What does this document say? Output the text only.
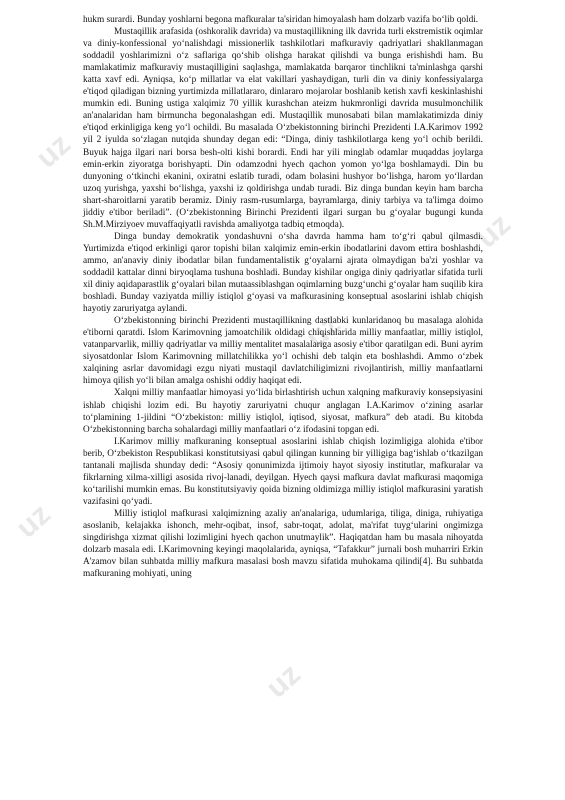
uz
uz
uz
uz
uz

hukm surardi. Bunday yoshlarni begona mafkuralar ta'siridan himoyalash ham dolzarb vazifa bo‘lib qoldi.

Mustaqillik arafasida (oshkoralik davrida) va mustaqillikning ilk davrida turli ekstremistik oqimlar va diniy-konfessional yo‘nalishdagi missionerlik tashkilotlari mafkuraviy qadriyatlari shakllanmagan soddadil yoshlarimizni o‘z saflariga qo‘shib olishga harakat qilishdi va bunga erishishdi ham. Bu mamlakatimiz mafkuraviy mustaqilligini saqlashga, mamlakatda barqaror tinchlikni ta'minlashga qarshi katta xavf edi. Ayniqsa, ko‘p millatlar va elat vakillari yashaydigan, turli din va diniy konfessiyalarga e'tiqod qiladigan bizning yurtimizda millatlararo, dinlararo mojarolar boshlanib ketish xavfi keskinlashishi mumkin edi. Buning ustiga xalqimiz 70 yillik kurashchan ateizm hukmronligi davrida musulmonchilik an'analaridan ham birmuncha begonalashgan edi. Mustaqillik munosabati bilan mamlakatimizda diniy e'tiqod erkinligiga keng yo‘l ochildi. Bu masalada O‘zbekistonning birinchi Prezidenti I.A.Karimov 1992 yil 2 iyulda so‘zlagan nutqida shunday degan edi: “Dinga, diniy tashkilotlarga keng yo‘l ochib berildi. Buyuk hajga ilgari nari borsa besh-olti kishi borardi. Endi har yili minglab odamlar muqaddas joylarga emin-erkin ziyoratga borishyapti. Din odamzodni hyech qachon yomon yo‘lga boshlamaydi. Din bu dunyoning o‘tkinchi ekanini, oxiratni eslatib turadi, odam bolasini hushyor bo‘lishga, harom yo‘llardan uzoq yurishga, yaxshi bo‘lishga, yaxshi iz qoldirishga undab turadi. Biz dinga bundan keyin ham barcha shart-sharoitlarni yaratib beramiz. Diniy rasm-rusumlarga, bayramlarga, diniy tarbiya va ta'limga doimo jiddiy e'tibor beriladi”. (O‘zbekistonning Birinchi Prezidenti ilgari surgan bu g‘oyalar bugungi kunda Sh.M.Mirziyoev muvaffaqiyatli ravishda amaliyotga tadbiq etmoqda).

Dinga bunday demokratik yondashuvni o‘sha davrda hamma ham to‘g‘ri qabul qilmasdi. Yurtimizda e'tiqod erkinligi qaror topishi bilan xalqimiz emin-erkin ibodatlarini davom ettira boshlashdi, ammo, an'anaviy diniy ibodatlar bilan fundamentalistik g‘oyalarni ajrata olmaydigan ba'zi yoshlar va soddadil kattalar dinni biryoqlama tushuna boshladi. Bunday kishilar ongiga diniy qadriyatlar sifatida turli xil diniy aqidaparastlik g‘oyalari bilan mutaassiblashgan oqimlarning buzg‘unchi g‘oyalar ham suqilib kira boshladi. Bunday vaziyatda milliy istiqlol g‘oyasi va mafkurasining konseptual asoslarini ishlab chiqish hayotiy zaruriyatga aylandi.

O‘zbekistonning birinchi Prezidenti mustaqillikning dastlabki kunlaridanoq bu masalaga alohida e'tiborni qaratdi. Islom Karimovning jamoatchilik oldidagi chiqishlarida milliy manfaatlar, milliy istiqlol, vatanparvarlik, milliy qadriyatlar va milliy mentalitet masalalariga asosiy e'tibor qaratilgan edi. Buni ayrim siyosatdonlar Islom Karimovning millatchilikka yo‘l ochishi deb talqin eta boshlashdi. Ammo o‘zbek xalqining asrlar davomidagi ezgu niyati mustaqil davlatchiligimizni rivojlantirish, milliy manfaatlarni himoya qilish yo‘li bilan amalga oshishi oddiy haqiqat edi.

Xalqni milliy manfaatlar himoyasi yo‘lida birlashtirish uchun xalqning mafkuraviy konsepsiyasini ishlab chiqishi lozim edi. Bu hayotiy zaruriyatni chuqur anglagan I.A.Karimov o‘zining asarlar to‘plamining 1-jildini “O‘zbekiston: milliy istiqlol, iqtisod, siyosat, mafkura” deb atadi. Bu kitobda O‘zbekistonning barcha sohalardagi milliy manfaatlari o‘z ifodasini topgan edi.

I.Karimov milliy mafkuraning konseptual asoslarini ishlab chiqish lozimligiga alohida e'tibor berib, O‘zbekiston Respublikasi konstitutsiyasi qabul qilingan kunning bir yilligiga bag‘ishlab o‘tkazilgan tantanali majlisda shunday dedi: “Asosiy qonunimizda ijtimoiy hayot siyosiy institutlar, mafkuralar va fikrlarning xilma-xilligi asosida rivoj-lanadi, deyilgan. Hyech qaysi mafkura davlat mafkurasi maqomiga ko‘tarilishi mumkin emas. Bu konstitutsiyaviy qoida bizning oldimizga milliy istiqlol mafkurasini yaratish vazifasini qo‘yadi.

Milliy istiqlol mafkurasi xalqimizning azaliy an'analariga, udumlariga, tiliga, diniga, ruhiyatiga asoslanib, kelajakka ishonch, mehr-oqibat, insof, sabr-toqat, adolat, ma'rifat tuyg‘ularini ongimizga singdirishga xizmat qilishi lozimligini hyech qachon unutmaylik”. Haqiqatdan ham bu masala nihoyatda dolzarb masala edi. I.Karimovning keyingi maqolalarida, ayniqsa, “Tafakkur” jurnali bosh muharriri Erkin A'zamov bilan suhbatda milliy mafkura masalasi bosh mavzu sifatida muhokama qilindi[4]. Bu suhbatda mafkuraning mohiyati, uning
